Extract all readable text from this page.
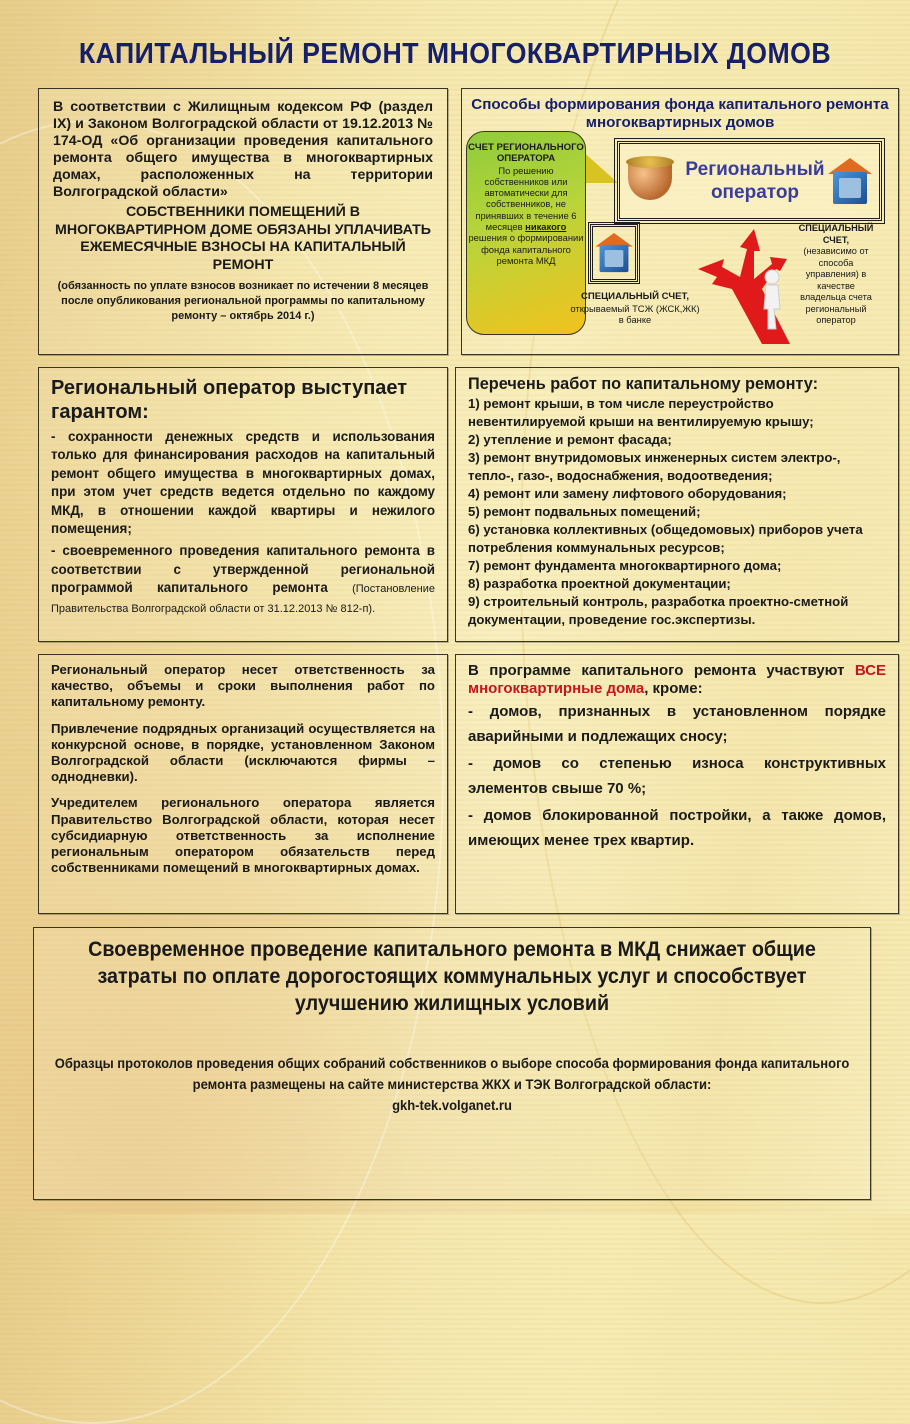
КАПИТАЛЬНЫЙ РЕМОНТ МНОГОКВАРТИРНЫХ ДОМОВ

В соответствии с Жилищным кодексом РФ (раздел IX) и Законом Волгоградской области от 19.12.2013 № 174-ОД «Об организации проведения капитального ремонта общего имущества в многоквартирных домах, расположенных на территории Волгоградской области»

СОБСТВЕННИКИ ПОМЕЩЕНИЙ В МНОГОКВАРТИРНОМ ДОМЕ ОБЯЗАНЫ УПЛАЧИВАТЬ ЕЖЕМЕСЯЧНЫЕ ВЗНОСЫ НА КАПИТАЛЬНЫЙ РЕМОНТ

(обязанность по уплате взносов возникает по истечении 8 месяцев после опубликования региональной программы по капитальному ремонту – октябрь 2014 г.)

Способы формирования фонда капитального ремонта многоквартирных домов
СЧЕТ РЕГИОНАЛЬНОГО ОПЕРАТОРА
По решению собственников или автоматически для собственников, не принявших в течение 6 месяцев никакого решения о формировании фонда капитального ремонта МКД
Региональный оператор
СПЕЦИАЛЬНЫЙ СЧЕТ,
открываемый ТСЖ (ЖСК,ЖК) в банке
СПЕЦИАЛЬНЫЙ СЧЕТ,
(независимо от способа управления) в качестве владельца счета региональный оператор
Региональный оператор выступает гарантом:

- сохранности денежных средств и использования только для финансирования расходов на капитальный ремонт общего имущества в многоквартирных домах, при этом учет средств ведется отдельно по каждому МКД, в отношении каждой квартиры и нежилого помещения;

- своевременного проведения капитального ремонта в соответствии с утвержденной региональной программой капитального ремонта (Постановление Правительства Волгоградской области от 31.12.2013 № 812-п).

Перечень работ по капитальному ремонту:
1) ремонт крыши, в том числе переустройство невентилируемой крыши на вентилируемую крышу;
2) утепление и ремонт фасада;
3) ремонт внутридомовых инженерных систем электро-, тепло-, газо-, водоснабжения, водоотведения;
4) ремонт или замену лифтового оборудования;
5) ремонт подвальных помещений;
6) установка коллективных (общедомовых) приборов учета потребления коммунальных ресурсов;
7) ремонт фундамента многоквартирного дома;
8) разработка проектной документации;
9) строительный контроль, разработка проектно-сметной документации, проведение гос.экспертизы.

Региональный оператор несет ответственность за качество, объемы и сроки выполнения работ по капитальному ремонту.

Привлечение подрядных организаций осуществляется на конкурсной основе, в порядке, установленном Законом Волгоградской области (исключаются фирмы – однодневки).

Учредителем регионального оператора является Правительство Волгоградской области, которая несет субсидиарную ответственность за исполнение региональным оператором обязательств перед собственниками помещений в многоквартирных домах.

В программе капитального ремонта участвуют ВСЕ многоквартирные дома, кроме:

- домов, признанных в установленном порядке аварийными и подлежащих сносу;

- домов со степенью износа конструктивных элементов свыше 70 %;

- домов блокированной постройки, а также домов, имеющих менее трех квартир.

Своевременное проведение капитального ремонта в МКД снижает общие затраты по оплате дорогостоящих коммунальных услуг и способствует улучшению жилищных условий
Образцы протоколов проведения общих собраний собственников о выборе способа формирования фонда капитального ремонта размещены на сайте министерства ЖКХ и ТЭК Волгоградской области:
gkh-tek.volganet.ru
